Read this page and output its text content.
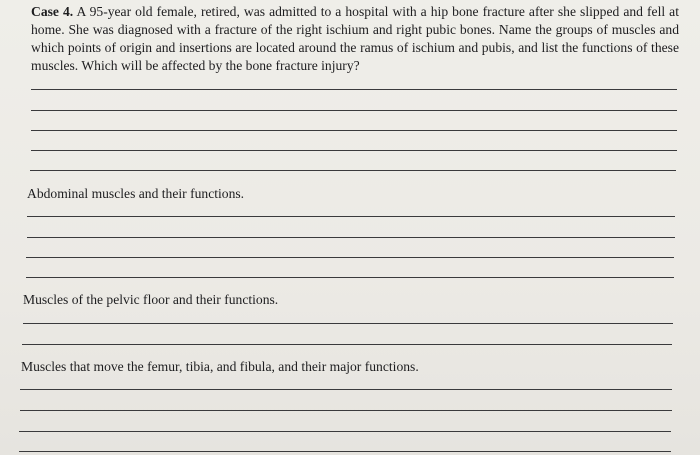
Case 4. A 95-year old female, retired, was admitted to a hospital with a hip bone fracture after she slipped and fell at home. She was diagnosed with a fracture of the right ischium and right pubic bones. Name the groups of muscles and which points of origin and insertions are located around the ramus of ischium and pubis, and list the functions of these muscles. Which will be affected by the bone fracture injury?

Abdominal muscles and their functions.

Muscles of the pelvic floor and their functions.

Muscles that move the femur, tibia, and fibula, and their major functions.
